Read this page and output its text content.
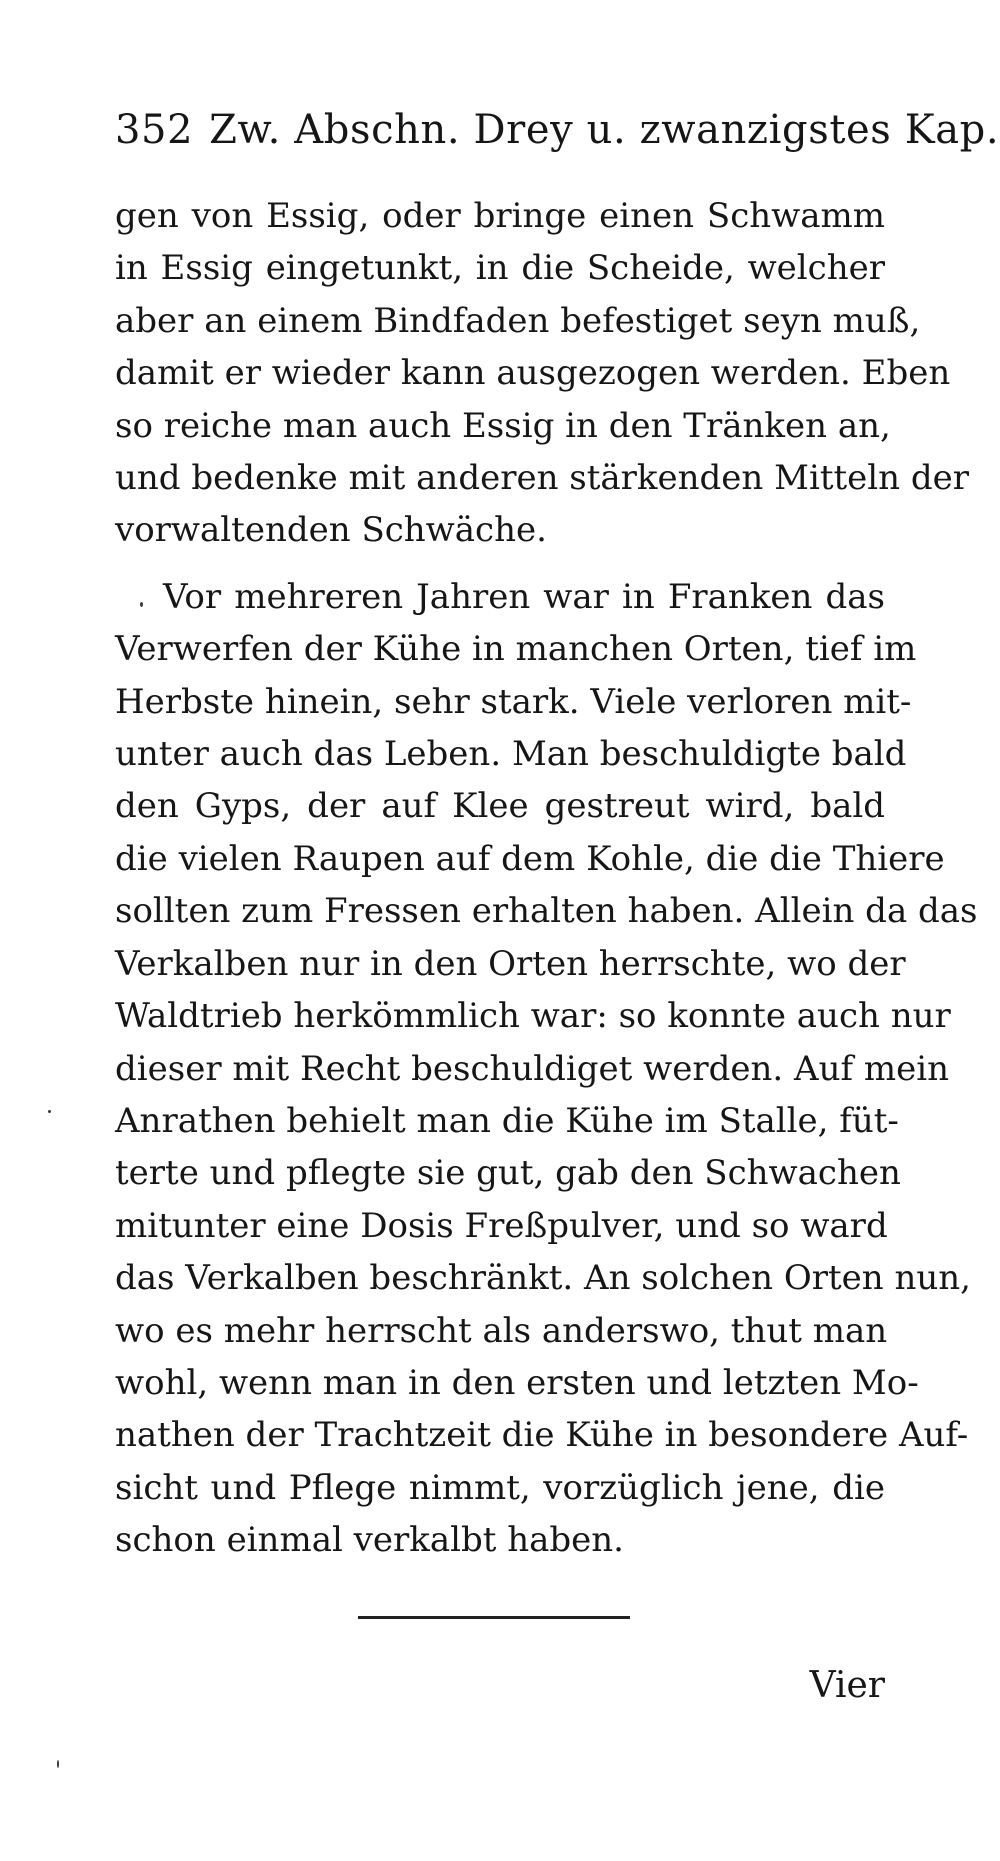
352 Zw. Abschn. Drey u. zwanzigstes Kap.
gen von Essig, oder bringe einen Schwamm
in Essig eingetunkt, in die Scheide, welcher
aber an einem Bindfaden befestiget seyn muß,
damit er wieder kann ausgezogen werden. Eben
so reiche man auch Essig in den Tränken an,
und bedenke mit anderen stärkenden Mitteln der
vorwaltenden Schwäche.
Vor mehreren Jahren war in Franken das
Verwerfen der Kühe in manchen Orten, tief im
Herbste hinein, sehr stark. Viele verloren mit-
unter auch das Leben. Man beschuldigte bald
den Gyps, der auf Klee gestreut wird, bald
die vielen Raupen auf dem Kohle, die die Thiere
sollten zum Fressen erhalten haben. Allein da das
Verkalben nur in den Orten herrschte, wo der
Waldtrieb herkömmlich war: so konnte auch nur
dieser mit Recht beschuldiget werden. Auf mein
Anrathen behielt man die Kühe im Stalle, füt-
terte und pflegte sie gut, gab den Schwachen
mitunter eine Dosis Freßpulver, und so ward
das Verkalben beschränkt. An solchen Orten nun,
wo es mehr herrscht als anderswo, thut man
wohl, wenn man in den ersten und letzten Mo-
nathen der Trachtzeit die Kühe in besondere Auf-
sicht und Pflege nimmt, vorzüglich jene, die
schon einmal verkalbt haben.
Vier
